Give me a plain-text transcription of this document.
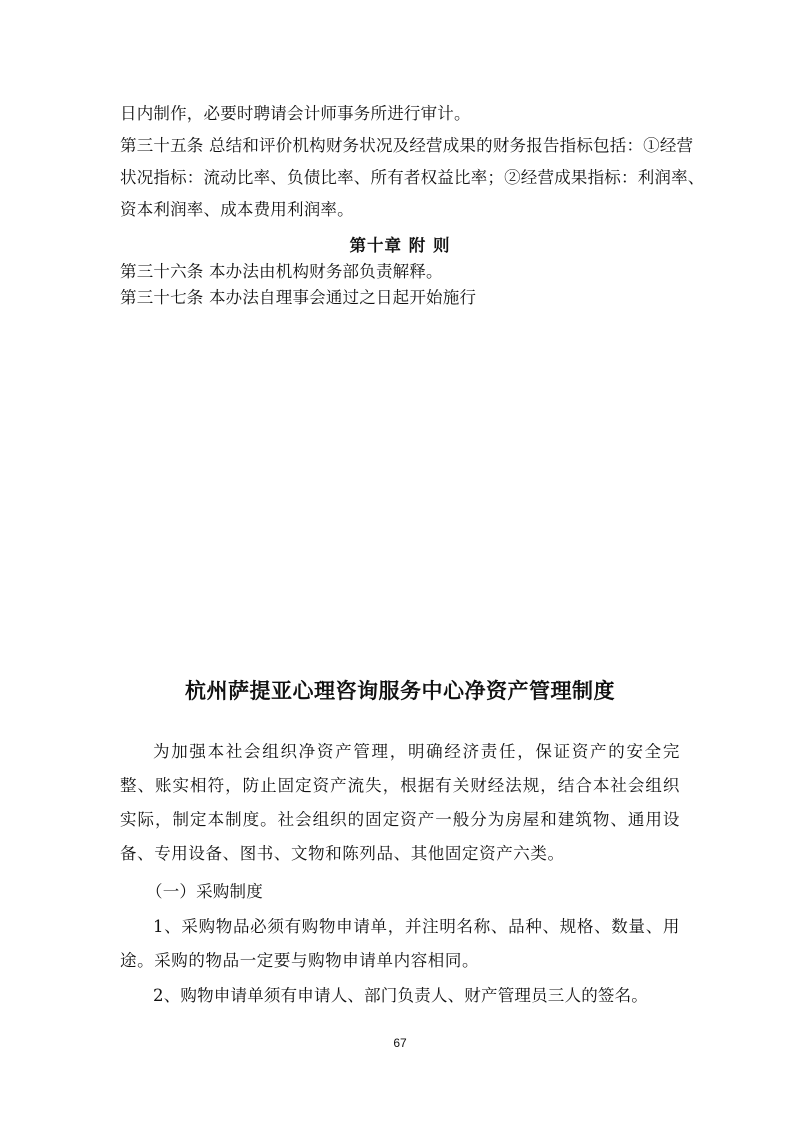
日内制作，必要时聘请会计师事务所进行审计。
第三十五条 总结和评价机构财务状况及经营成果的财务报告指标包括：①经营
状况指标：流动比率、负债比率、所有者权益比率；②经营成果指标：利润率、
资本利润率、成本费用利润率。
第十章 附 则
第三十六条 本办法由机构财务部负责解释。
第三十七条 本办法自理事会通过之日起开始施行
杭州萨提亚心理咨询服务中心净资产管理制度
为加强本社会组织净资产管理，明确经济责任，保证资产的安全完整、账实相符，防止固定资产流失，根据有关财经法规，结合本社会组织实际，制定本制度。社会组织的固定资产一般分为房屋和建筑物、通用设备、专用设备、图书、文物和陈列品、其他固定资产六类。
（一）采购制度
1、采购物品必须有购物申请单，并注明名称、品种、规格、数量、用途。采购的物品一定要与购物申请单内容相同。
2、购物申请单须有申请人、部门负责人、财产管理员三人的签名。
67
